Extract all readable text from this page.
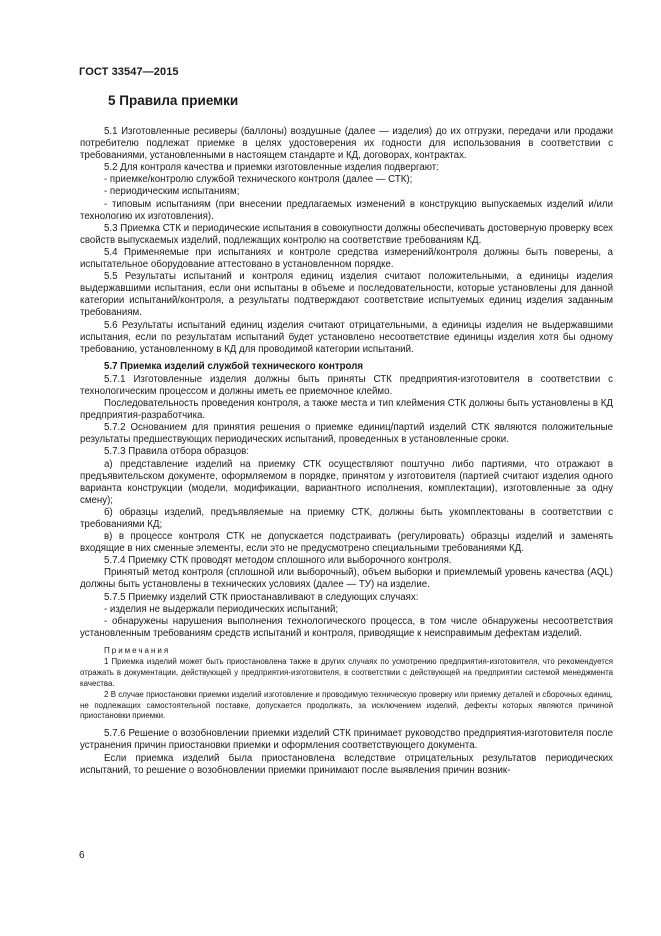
ГОСТ 33547—2015
5 Правила приемки

5.1 Изготовленные ресиверы (баллоны) воздушные (далее — изделия) до их отгрузки, передачи или продажи потребителю подлежат приемке в целях удостоверения их годности для использования в соответствии с требованиями, установленными в настоящем стандарте и КД, договорах, контрактах.

5.2 Для контроля качества и приемки изготовленные изделия подвергают:

- приемке/контролю службой технического контроля (далее — СТК);

- периодическим испытаниям;

- типовым испытаниям (при внесении предлагаемых изменений в конструкцию выпускаемых изделий и/или технологию их изготовления).

5.3 Приемка СТК и периодические испытания в совокупности должны обеспечивать достоверную проверку всех свойств выпускаемых изделий, подлежащих контролю на соответствие требованиям КД.

5.4 Применяемые при испытаниях и контроле средства измерений/контроля должны быть поверены, а испытательное оборудование аттестовано в установленном порядке.

5.5 Результаты испытаний и контроля единиц изделия считают положительными, а единицы изделия выдержавшими испытания, если они испытаны в объеме и последовательности, которые установлены для данной категории испытаний/контроля, а результаты подтверждают соответствие испытуемых единиц изделия заданным требованиям.

5.6 Результаты испытаний единиц изделия считают отрицательными, а единицы изделия не выдержавшими испытания, если по результатам испытаний будет установлено несоответствие единицы изделия хотя бы одному требованию, установленному в КД для проводимой категории испытаний.

5.7 Приемка изделий службой технического контроля

5.7.1 Изготовленные изделия должны быть приняты СТК предприятия-изготовителя в соответствии с технологическим процессом и должны иметь ее приемочное клеймо.

Последовательность проведения контроля, а также места и тип клеймения СТК должны быть установлены в КД предприятия-разработчика.

5.7.2 Основанием для принятия решения о приемке единиц/партий изделий СТК являются положительные результаты предшествующих периодических испытаний, проведенных в установленные сроки.

5.7.3 Правила отбора образцов:

а) представление изделий на приемку СТК осуществляют поштучно либо партиями, что отражают в предъявительском документе, оформляемом в порядке, принятом у изготовителя (партией считают изделия одного варианта конструкции (модели, модификации, вариантного исполнения, комплектации), изготовленные за одну смену);

б) образцы изделий, предъявляемые на приемку СТК, должны быть укомплектованы в соответствии с требованиями КД;

в) в процессе контроля СТК не допускается подстраивать (регулировать) образцы изделий и заменять входящие в них сменные элементы, если это не предусмотрено специальными требованиями КД.

5.7.4 Приемку СТК проводят методом сплошного или выборочного контроля.

Принятый метод контроля (сплошной или выборочный), объем выборки и приемлемый уровень качества (AQL) должны быть установлены в технических условиях (далее — ТУ) на изделие.

5.7.5 Приемку изделий СТК приостанавливают в следующих случаях:

- изделия не выдержали периодических испытаний;

- обнаружены нарушения выполнения технологического процесса, в том числе обнаружены несоответствия установленным требованиям средств испытаний и контроля, приводящие к неисправимым дефектам изделий.

Примечания

1 Приемка изделий может быть приостановлена также в других случаях по усмотрению предприятия-изготовителя, что рекомендуется отражать в документации, действующей у предприятия-изготовителя, в соответствии с действующей на предприятии системой менеджмента качества.

2 В случае приостановки приемки изделий изготовление и проводимую техническую проверку или приемку деталей и сборочных единиц, не подлежащих самостоятельной поставке, допускается продолжать, за исключением изделий, дефекты которых являются причиной приостановки приемки.

5.7.6 Решение о возобновлении приемки изделий СТК принимает руководство предприятия-изготовителя после устранения причин приостановки приемки и оформления соответствующего документа.

Если приемка изделий была приостановлена вследствие отрицательных результатов периодических испытаний, то решение о возобновлении приемки принимают после выявления причин возник-

6
